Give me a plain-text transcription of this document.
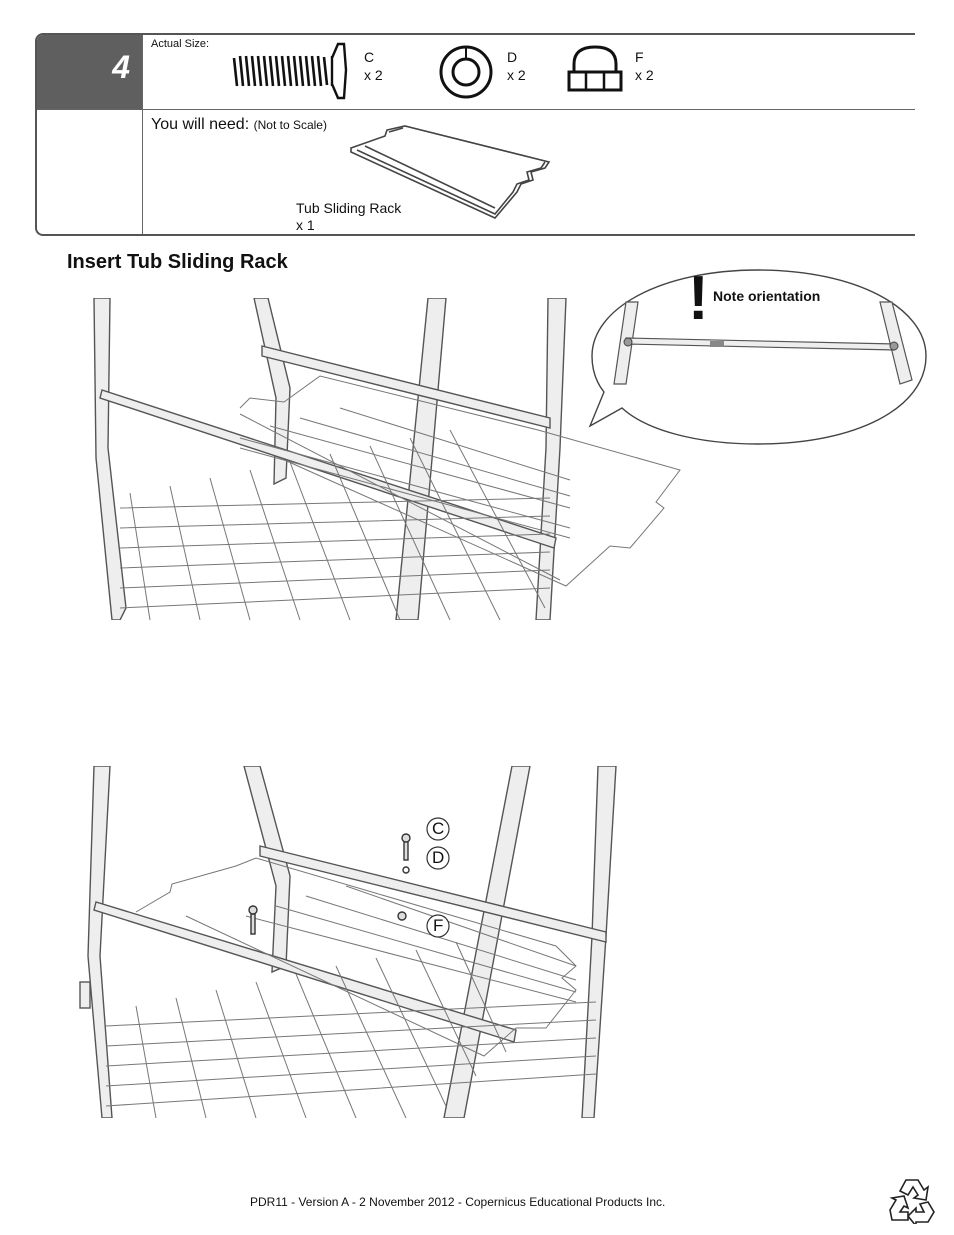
4
Actual Size:
C
x 2
D
x 2
F
x 2
You will need: (Not to Scale)
Tub Sliding Rack
x 1
Insert Tub Sliding Rack
! Note orientation
C
D
F
PDR11 - Version A - 2 November 2012 - Copernicus Educational Products Inc.
